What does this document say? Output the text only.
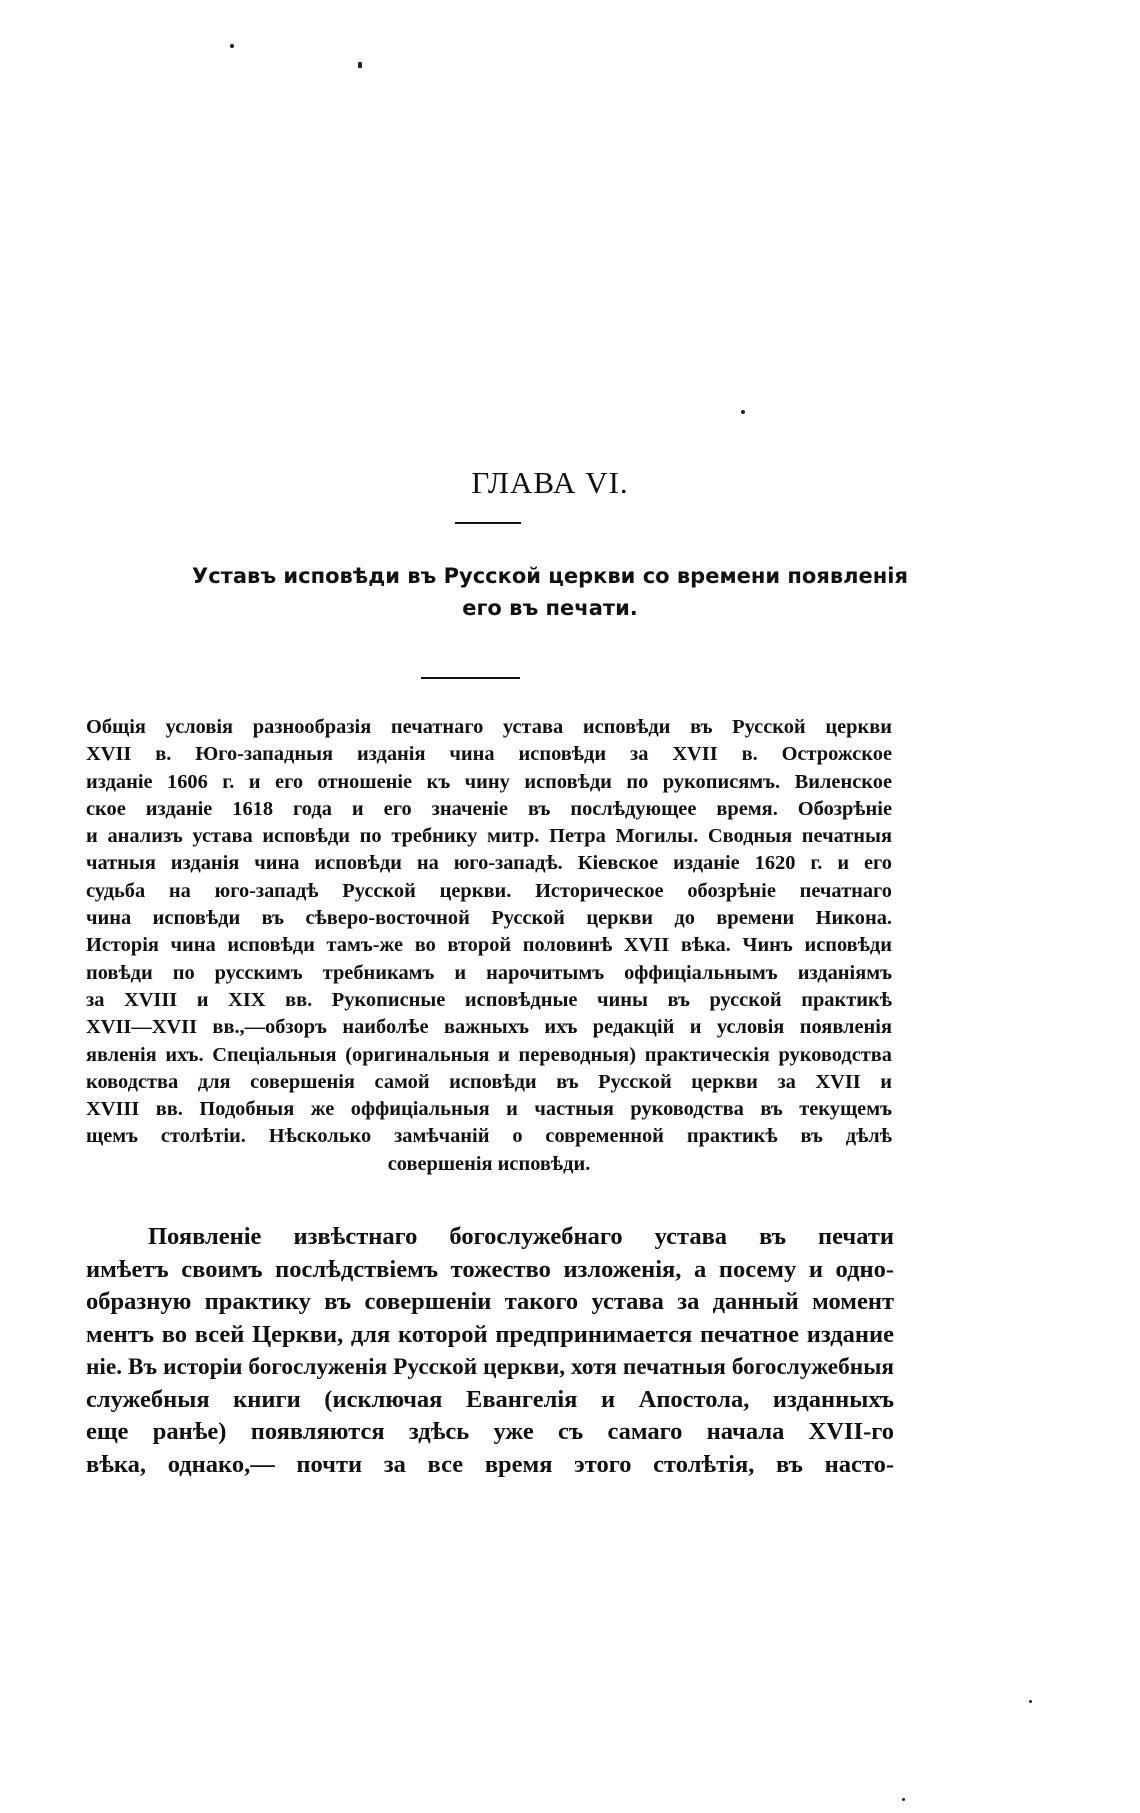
ГЛАВА VI.
Уставъ исповѣди въ Русской церкви со времени появленія
его въ печати.
Общія условія разнообразія печатнаго устава исповѣди въ Русской церкви
XVII в. Юго-западныя изданія чина исповѣди за XVII в. Острожское
изданіе 1606 г. и его отношеніе къ чину исповѣди по рукописямъ. Виленское
ское изданіе 1618 года и его значеніе въ послѣдующее время. Обозрѣніе
и анализъ устава исповѣди по требнику митр. Петра Могилы. Сводныя печатныя
чатныя изданія чина исповѣди на юго-западѣ. Кіевское изданіе 1620 г. и его
судьба на юго-западѣ Русской церкви. Историческое обозрѣніе печатнаго
чина исповѣди въ сѣверо-восточной Русской церкви до времени Никона.
Исторія чина исповѣди тамъ-же во второй половинѣ XVII вѣка. Чинъ исповѣди
повѣди по русскимъ требникамъ и нарочитымъ оффиціальнымъ изданіямъ
за XVIII и XIX вв. Рукописные исповѣдные чины въ русской практикѣ
XVII—XVII вв.,—обзоръ наиболѣе важныхъ ихъ редакцій и условія появленія
явленія ихъ. Спеціальныя (оригинальныя и переводныя) практическія руководства
ководства для совершенія самой исповѣди въ Русской церкви за XVII и
XVIII вв. Подобныя же оффиціальныя и частныя руководства въ текущемъ
щемъ столѣтіи. Нѣсколько замѣчаній о современной практикѣ въ дѣлѣ
совершенія исповѣди.
Появленіе извѣстнаго богослужебнаго устава въ печати
имѣетъ своимъ послѣдствіемъ тожество изложенія, а посему и одно-
образную практику въ совершеніи такого устава за данный момент
ментъ во всей Церкви, для которой предпринимается печатное издание
ніе. Въ исторіи богослуженія Русской церкви, хотя печатныя богослужебныя
служебныя книги (исключая Евангелія и Апостола, изданныхъ
еще ранѣе) появляются здѣсь уже съ самаго начала XVII-го
вѣка, однако,— почти за все время этого столѣтія, въ насто-
